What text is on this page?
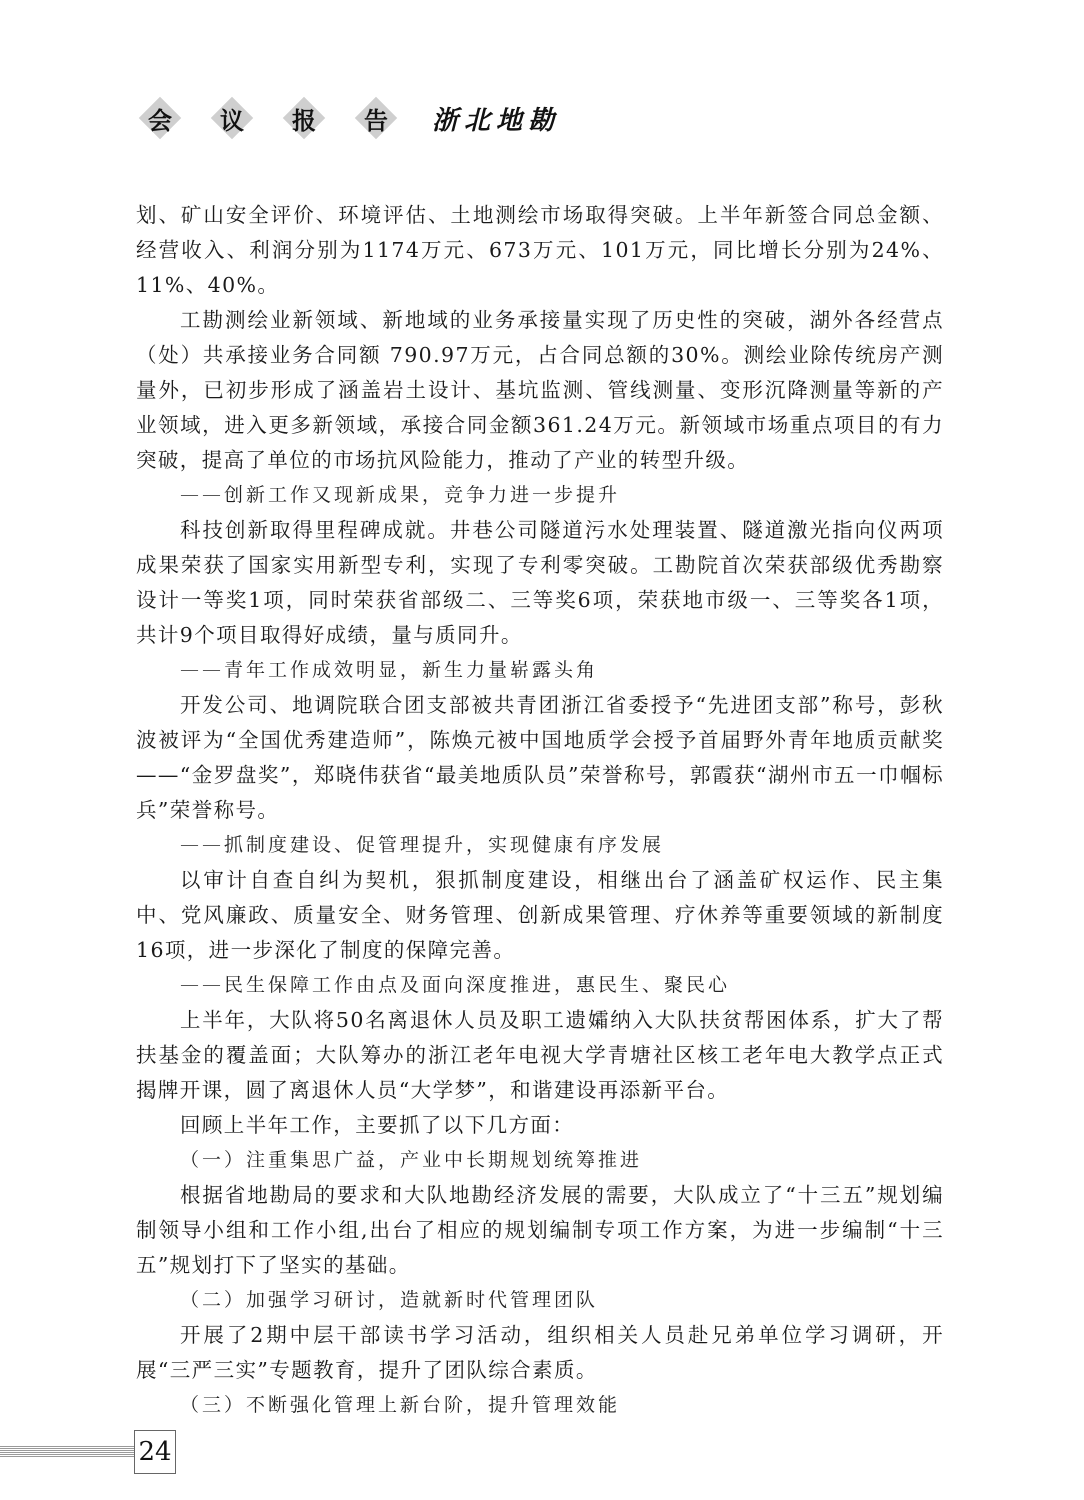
会 议 报 告 浙北地勘

划、矿山安全评价、环境评估、土地测绘市场取得突破。上半年新签合同总金额、经营收入、利润分别为1174万元、673万元、101万元，同比增长分别为24%、11%、40%。

工勘测绘业新领域、新地域的业务承接量实现了历史性的突破，湖外各经营点（处）共承接业务合同额 790.97万元，占合同总额的30%。测绘业除传统房产测量外，已初步形成了涵盖岩土设计、基坑监测、管线测量、变形沉降测量等新的产业领域，进入更多新领域，承接合同金额361.24万元。新领域市场重点项目的有力突破，提高了单位的市场抗风险能力，推动了产业的转型升级。

——创新工作又现新成果，竞争力进一步提升

科技创新取得里程碑成就。井巷公司隧道污水处理装置、隧道激光指向仪两项成果荣获了国家实用新型专利，实现了专利零突破。工勘院首次荣获部级优秀勘察设计一等奖1项，同时荣获省部级二、三等奖6项，荣获地市级一、三等奖各1项，共计9个项目取得好成绩，量与质同升。

——青年工作成效明显，新生力量崭露头角

开发公司、地调院联合团支部被共青团浙江省委授予“先进团支部”称号，彭秋波被评为“全国优秀建造师”，陈焕元被中国地质学会授予首届野外青年地质贡献奖——“金罗盘奖”，郑晓伟获省“最美地质队员”荣誉称号，郭霞获“湖州市五一巾帼标兵”荣誉称号。

——抓制度建设、促管理提升，实现健康有序发展

以审计自查自纠为契机，狠抓制度建设，相继出台了涵盖矿权运作、民主集中、党风廉政、质量安全、财务管理、创新成果管理、疗休养等重要领域的新制度16项，进一步深化了制度的保障完善。

——民生保障工作由点及面向深度推进，惠民生、聚民心

上半年，大队将50名离退休人员及职工遗孀纳入大队扶贫帮困体系，扩大了帮扶基金的覆盖面；大队筹办的浙江老年电视大学青塘社区核工老年电大教学点正式揭牌开课，圆了离退休人员“大学梦”，和谐建设再添新平台。

回顾上半年工作，主要抓了以下几方面：

（一）注重集思广益，产业中长期规划统筹推进

根据省地勘局的要求和大队地勘经济发展的需要，大队成立了“十三五”规划编制领导小组和工作小组,出台了相应的规划编制专项工作方案，为进一步编制“十三五”规划打下了坚实的基础。

（二）加强学习研讨，造就新时代管理团队

开展了2期中层干部读书学习活动，组织相关人员赴兄弟单位学习调研，开展“三严三实”专题教育，提升了团队综合素质。

（三）不断强化管理上新台阶，提升管理效能

24
